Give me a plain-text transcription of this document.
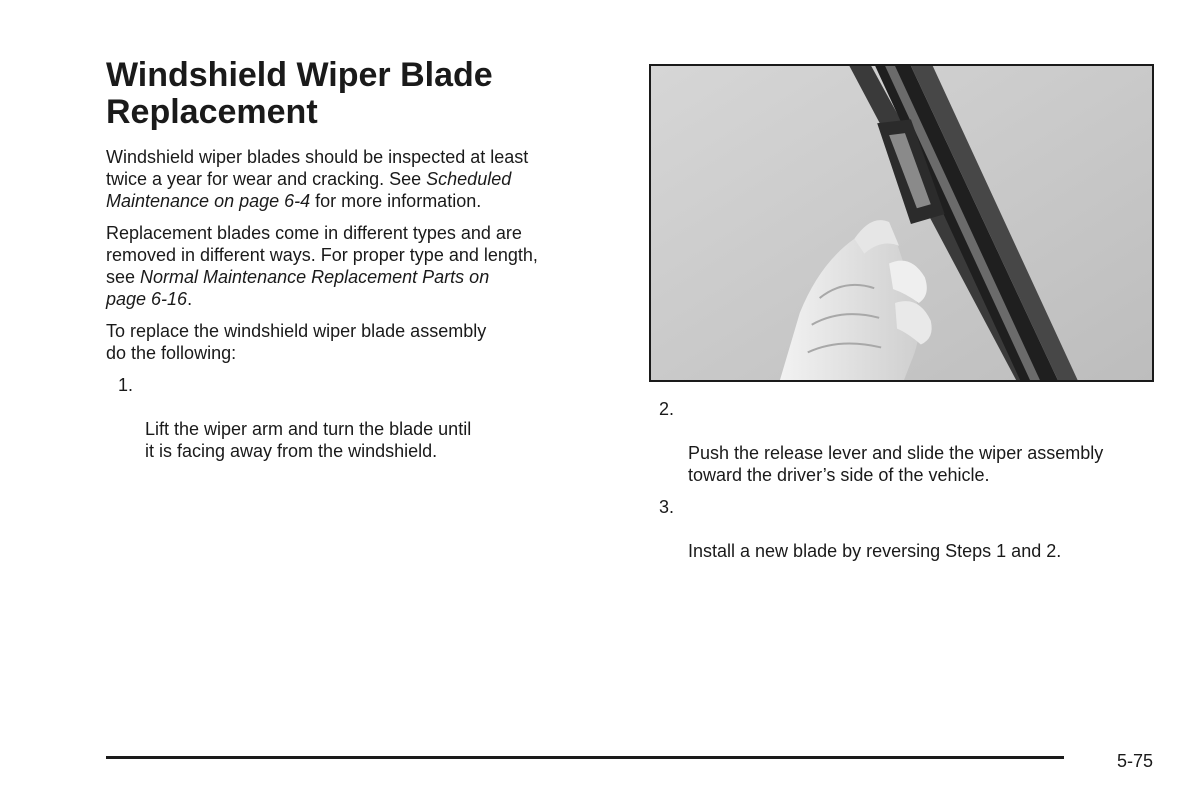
Windshield Wiper Blade Replacement

Windshield wiper blades should be inspected at least
twice a year for wear and cracking. See Scheduled
Maintenance on page 6-4 for more information.

Replacement blades come in different types and are
removed in different ways. For proper type and length,
see Normal Maintenance Replacement Parts on
page 6-16.

To replace the windshield wiper blade assembly
do the following:

1.

Lift the wiper arm and turn the blade until
it is facing away from the windshield.

2.

Push the release lever and slide the wiper assembly
toward the driver’s side of the vehicle.

3.

Install a new blade by reversing Steps 1 and 2.

5-75
